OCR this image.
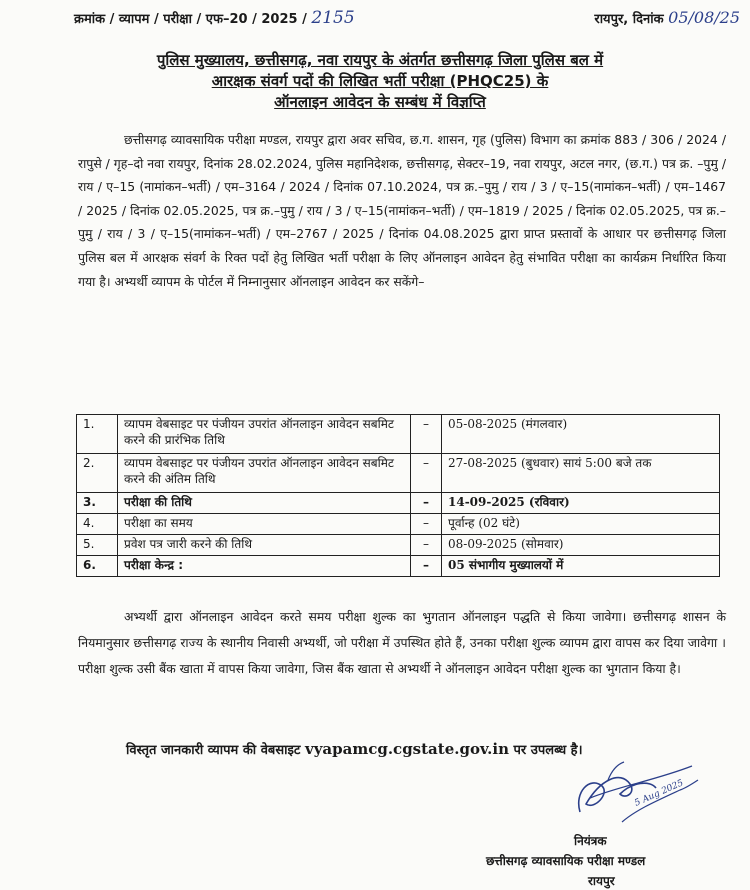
क्रमांक / व्यापम / परीक्षा / एफ–20 / 2025 / 2155	रायपुर, दिनांक 05/08/25
पुलिस मुख्यालय, छत्तीसगढ़, नवा रायपुर के अंतर्गत छत्तीसगढ़ जिला पुलिस बल में
आरक्षक संवर्ग पदों की लिखित भर्ती परीक्षा (PHQC25) के
ऑनलाइन आवेदन के सम्बंध में विज्ञप्ति
छत्तीसगढ़ व्यावसायिक परीक्षा मण्डल, रायपुर द्वारा अवर सचिव, छ.ग. शासन, गृह (पुलिस) विभाग का क्रमांक 883 / 306 / 2024 / रापुसे / गृह–दो नवा रायपुर, दिनांक 28.02.2024, पुलिस महानिदेशक, छत्तीसगढ़, सेक्टर–19, नवा रायपुर, अटल नगर, (छ.ग.) पत्र क्र. –पुमु / राय / ए–15 (नामांकन–भर्ती) / एम–3164 / 2024 / दिनांक 07.10.2024, पत्र क्र.–पुमु / राय / 3 / ए–15(नामांकन–भर्ती) / एम–1467 / 2025 / दिनांक 02.05.2025, पत्र क्र.–पुमु / राय / 3 / ए–15(नामांकन–भर्ती) / एम–1819 / 2025 / दिनांक 02.05.2025, पत्र क्र.–पुमु / राय / 3 / ए–15(नामांकन–भर्ती) / एम–2767 / 2025 / दिनांक 04.08.2025 द्वारा प्राप्त प्रस्तावों के आधार पर छत्तीसगढ़ जिला पुलिस बल में आरक्षक संवर्ग के रिक्त पदों हेतु लिखित भर्ती परीक्षा के लिए ऑनलाइन आवेदन हेतु संभावित परीक्षा का कार्यक्रम निर्धारित किया गया है। अभ्यर्थी व्यापम के पोर्टल में निम्नानुसार ऑनलाइन आवेदन कर सकेंगे–
1.	व्यापम वेबसाइट पर पंजीयन उपरांत ऑनलाइन आवेदन सबमिट करने की प्रारंभिक तिथि	–	05-08-2025 (मंगलवार)
2.	व्यापम वेबसाइट पर पंजीयन उपरांत ऑनलाइन आवेदन सबमिट करने की अंतिम तिथि	–	27-08-2025 (बुधवार) सायं 5:00 बजे तक
3.	परीक्षा की तिथि	–	14-09-2025 (रविवार)
4.	परीक्षा का समय	–	पूर्वान्ह (02 घंटे)
5.	प्रवेश पत्र जारी करने की तिथि	–	08-09-2025 (सोमवार)
6.	परीक्षा केन्द्र :	–	05 संभागीय मुख्यालयों में
अभ्यर्थी द्वारा ऑनलाइन आवेदन करते समय परीक्षा शुल्क का भुगतान ऑनलाइन पद्धति से किया जावेगा। छत्तीसगढ़ शासन के नियमानुसार छत्तीसगढ़ राज्य के स्थानीय निवासी अभ्यर्थी, जो परीक्षा में उपस्थित होते हैं, उनका परीक्षा शुल्क व्यापम द्वारा वापस कर दिया जावेगा । परीक्षा शुल्क उसी बैंक खाता में वापस किया जावेगा, जिस बैंक खाता से अभ्यर्थी ने ऑनलाइन आवेदन परीक्षा शुल्क का भुगतान किया है।
विस्तृत जानकारी व्यापम की वेबसाइट vyapamcg.cgstate.gov.in पर उपलब्ध है।
5 Aug 2025
नियंत्रक
छत्तीसगढ़ व्यावसायिक परीक्षा मण्डल
रायपुर
